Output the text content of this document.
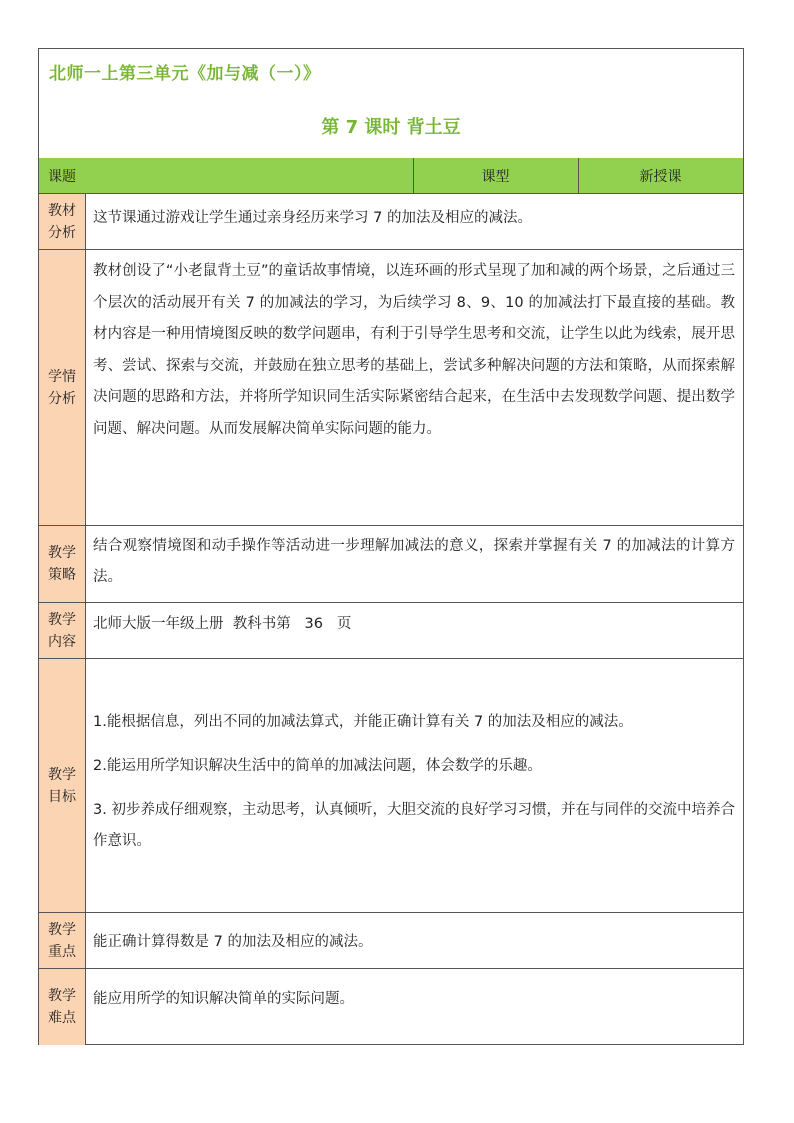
北师一上第三单元《加与减（一）》
第 7 课时 背土豆
课题	课型	新授课
教材分析
这节课通过游戏让学生通过亲身经历来学习 7 的加法及相应的减法。
学情分析
教材创设了“小老鼠背土豆”的童话故事情境，以连环画的形式呈现了加和减的两个场景，之后通过三个层次的活动展开有关 7 的加减法的学习，为后续学习 8、9、10 的加减法打下最直接的基础。教材内容是一种用情境图反映的数学问题串，有利于引导学生思考和交流，让学生以此为线索，展开思考、尝试、探索与交流，并鼓励在独立思考的基础上，尝试多种解决问题的方法和策略，从而探索解决问题的思路和方法，并将所学知识同生活实际紧密结合起来，在生活中去发现数学问题、提出数学问题、解决问题。从而发展解决简单实际问题的能力。
教学策略
结合观察情境图和动手操作等活动进一步理解加减法的意义，探索并掌握有关 7 的加减法的计算方法。
教学内容
北师大版一年级上册  教科书第   36   页
教学目标

1.能根据信息，列出不同的加减法算式，并能正确计算有关 7 的加法及相应的减法。

2.能运用所学知识解决生活中的简单的加减法问题，体会数学的乐趣。

3. 初步养成仔细观察，主动思考，认真倾听，大胆交流的良好学习习惯，并在与同伴的交流中培养合作意识。

教学重点
能正确计算得数是 7 的加法及相应的减法。
教学难点
能应用所学的知识解决简单的实际问题。
